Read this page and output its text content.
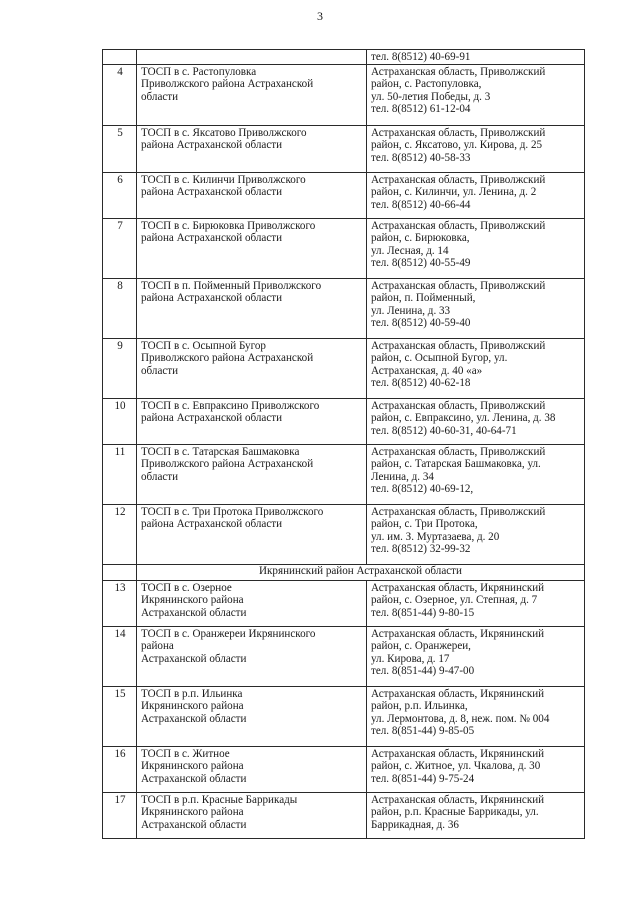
3

		тел. 8(8512) 40-69-91

4	ТОСП в с. Растопуловка
Приволжского района Астраханской
области	Астраханская область, Приволжский
район, с. Растопуловка,
ул. 50-летия Победы, д. 3
тел. 8(8512) 61-12-04

5	ТОСП в с. Яксатово Приволжского
района Астраханской области	Астраханская область, Приволжский
район, с. Яксатово, ул. Кирова, д. 25
тел. 8(8512) 40-58-33

6	ТОСП в с. Килинчи Приволжского
района Астраханской области	Астраханская область, Приволжский
район, с. Килинчи, ул. Ленина, д. 2
тел. 8(8512) 40-66-44

7	ТОСП в с. Бирюковка Приволжского
района Астраханской области	Астраханская область, Приволжский
район, с. Бирюковка,
ул. Лесная, д. 14
тел. 8(8512) 40-55-49

8	ТОСП в п. Пойменный Приволжского
района Астраханской области	Астраханская область, Приволжский
район, п. Пойменный,
ул. Ленина, д. 33
тел. 8(8512) 40-59-40

9	ТОСП в с. Осыпной Бугор
Приволжского района Астраханской
области	Астраханская область, Приволжский
район, с. Осыпной Бугор, ул.
Астраханская, д. 40 «а»
тел. 8(8512) 40-62-18

10	ТОСП в с. Евпраксино Приволжского
района Астраханской области	Астраханская область, Приволжский
район, с. Евпраксино, ул. Ленина, д. 38
тел. 8(8512) 40-60-31, 40-64-71

11	ТОСП в с. Татарская Башмаковка
Приволжского района Астраханской
области	Астраханская область, Приволжский
район, с. Татарская Башмаковка, ул.
Ленина, д. 34
тел. 8(8512) 40-69-12,

12	ТОСП в с. Три Протока Приволжского
района Астраханской области	Астраханская область, Приволжский
район, с. Три Протока,
ул. им. З. Муртазаева, д. 20
тел. 8(8512) 32-99-32

	Икрянинский район Астраханской области	

13	ТОСП в с. Озерное
Икрянинского района
Астраханской области	Астраханская область, Икрянинский
район, с. Озерное, ул. Степная, д. 7
тел. 8(851-44) 9-80-15

14	ТОСП в с. Оранжереи Икрянинского
района
Астраханской области	Астраханская область, Икрянинский
район, с. Оранжереи,
ул. Кирова, д. 17
тел. 8(851-44) 9-47-00

15	ТОСП в р.п. Ильинка
Икрянинского района
Астраханской области	Астраханская область, Икрянинский
район, р.п. Ильинка,
ул. Лермонтова, д. 8, неж. пом. № 004
тел. 8(851-44) 9-85-05

16	ТОСП в с. Житное
Икрянинского района
Астраханской области	Астраханская область, Икрянинский
район, с. Житное, ул. Чкалова, д. 30
тел. 8(851-44) 9-75-24

17	ТОСП в р.п. Красные Баррикады
Икрянинского района
Астраханской области	Астраханская область, Икрянинский
район, р.п. Красные Баррикады, ул.
Баррикадная, д. 36
